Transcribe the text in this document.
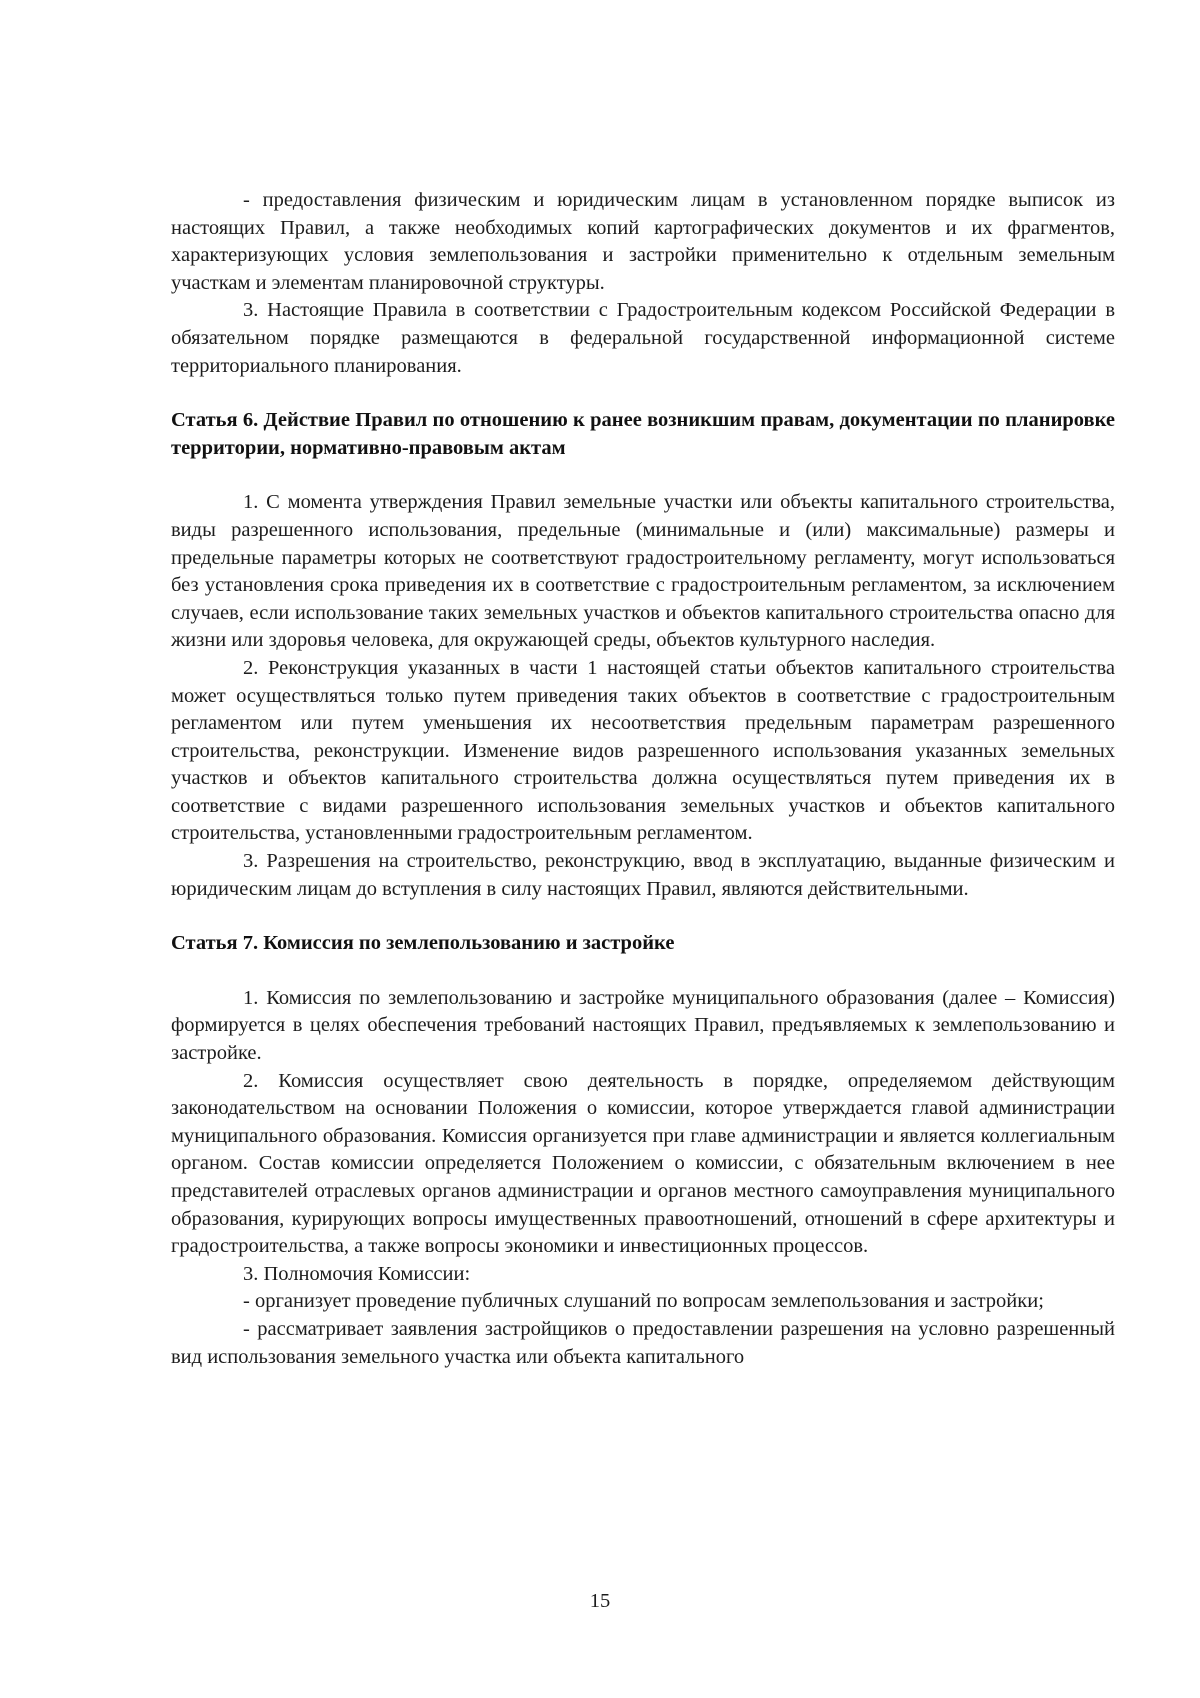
- предоставления физическим и юридическим лицам в установленном порядке выписок из настоящих Правил, а также необходимых копий картографических документов и их фрагментов, характеризующих условия землепользования и застройки применительно к отдельным земельным участкам и элементам планировочной структуры.

3. Настоящие Правила в соответствии с Градостроительным кодексом Российской Федерации в обязательном порядке размещаются в федеральной государственной информационной системе территориального планирования.

Статья 6. Действие Правил по отношению к ранее возникшим правам, документации по планировке территории, нормативно-правовым актам

1. С момента утверждения Правил земельные участки или объекты капитального строительства, виды разрешенного использования, предельные (минимальные и (или) максимальные) размеры и предельные параметры которых не соответствуют градостроительному регламенту, могут использоваться без установления срока приведения их в соответствие с градостроительным регламентом, за исключением случаев, если использование таких земельных участков и объектов капитального строительства опасно для жизни или здоровья человека, для окружающей среды, объектов культурного наследия.

2. Реконструкция указанных в части 1 настоящей статьи объектов капитального строительства может осуществляться только путем приведения таких объектов в соответствие с градостроительным регламентом или путем уменьшения их несоответствия предельным параметрам разрешенного строительства, реконструкции. Изменение видов разрешенного использования указанных земельных участков и объектов капитального строительства должна осуществляться путем приведения их в соответствие с видами разрешенного использования земельных участков и объектов капитального строительства, установленными градостроительным регламентом.

3. Разрешения на строительство, реконструкцию, ввод в эксплуатацию, выданные физическим и юридическим лицам до вступления в силу настоящих Правил, являются действительными.

Статья 7. Комиссия по землепользованию и застройке

1. Комиссия по землепользованию и застройке муниципального образования (далее – Комиссия) формируется в целях обеспечения требований настоящих Правил, предъявляемых к землепользованию и застройке.

2. Комиссия осуществляет свою деятельность в порядке, определяемом действующим законодательством на основании Положения о комиссии, которое утверждается главой администрации муниципального образования. Комиссия организуется при главе администрации и является коллегиальным органом. Состав комиссии определяется Положением о комиссии, с обязательным включением в нее представителей отраслевых органов администрации и органов местного самоуправления муниципального образования, курирующих вопросы имущественных правоотношений, отношений в сфере архитектуры и градостроительства, а также вопросы экономики и инвестиционных процессов.

3. Полномочия Комиссии:

- организует проведение публичных слушаний по вопросам землепользования и застройки;

- рассматривает заявления застройщиков о предоставлении разрешения на условно разрешенный вид использования земельного участка или объекта капитального

15
